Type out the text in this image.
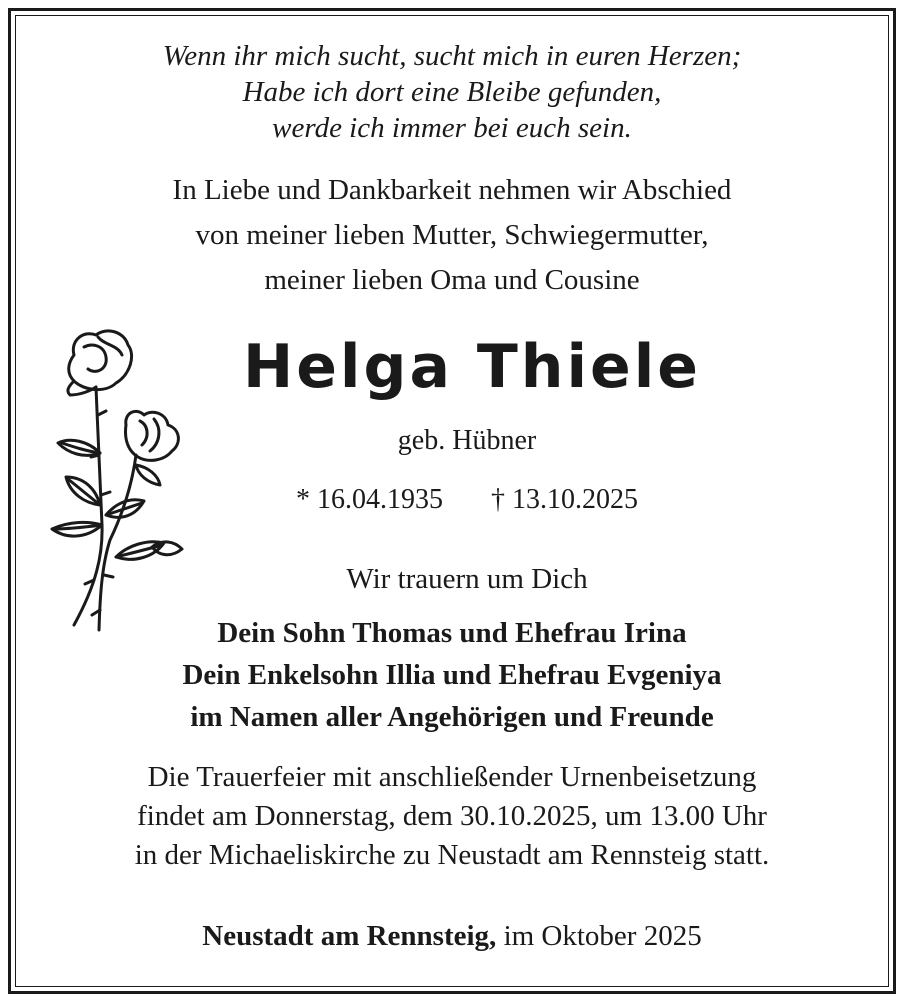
Wenn ihr mich sucht, sucht mich in euren Herzen;
Habe ich dort eine Bleibe gefunden,
werde ich immer bei euch sein.
In Liebe und Dankbarkeit nehmen wir Abschied
von meiner lieben Mutter, Schwiegermutter,
meiner lieben Oma und Cousine
Helga Thiele
geb. Hübner
* 16.04.1935 † 13.10.2025
Wir trauern um Dich
Dein Sohn Thomas und Ehefrau Irina
Dein Enkelsohn Illia und Ehefrau Evgeniya
im Namen aller Angehörigen und Freunde
Die Trauerfeier mit anschließender Urnenbeisetzung
findet am Donnerstag, dem 30.10.2025, um 13.00 Uhr
in der Michaeliskirche zu Neustadt am Rennsteig statt.
Neustadt am Rennsteig, im Oktober 2025
